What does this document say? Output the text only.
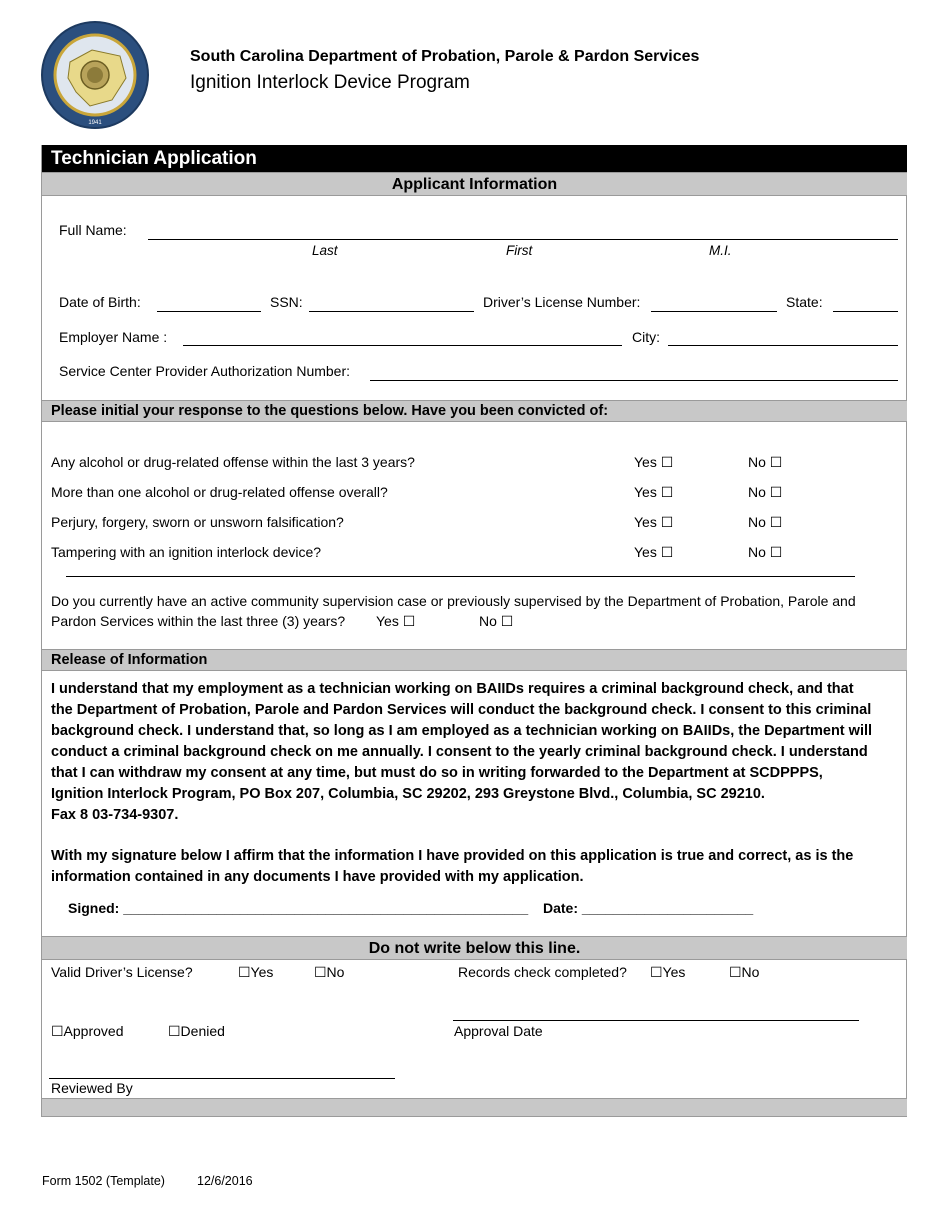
1941
South Carolina Department of Probation, Parole & Pardon Services
Ignition Interlock Device Program
Technician Application
Applicant Information
Full Name:
Last	First	M.I.
Date of Birth:	SSN:	Driver’s License Number:	State:
Employer Name :	City:
Service Center Provider Authorization Number:
Please initial your response to the questions below. Have you been convicted of:
Any alcohol or drug-related offense within the last 3 years?	Yes ☐	No ☐
More than one alcohol or drug-related offense overall?	Yes ☐	No ☐
Perjury, forgery, sworn or unsworn falsification?	Yes ☐	No ☐
Tampering with an ignition interlock device?	Yes ☐	No ☐
Do you currently have an active community supervision case or previously supervised by the Department of Probation, Parole and
Pardon Services within the last three (3) years? Yes ☐	No ☐
Release of Information
I understand that my employment as a technician working on BAIIDs requires a criminal background check, and that
the Department of Probation, Parole and Pardon Services will conduct the background check. I consent to this criminal
background check. I understand that, so long as I am employed as a technician working on BAIIDs, the Department will
conduct a criminal background check on me annually. I consent to the yearly criminal background check. I understand
that I can withdraw my consent at any time, but must do so in writing forwarded to the Department at SCDPPPS,
Ignition Interlock Program, PO Box 207, Columbia, SC 29202, 293 Greystone Blvd., Columbia, SC 29210.
Fax 8 03-734-9307.
With my signature below I affirm that the information I have provided on this application is true and correct, as is the
information contained in any documents I have provided with my application.
Signed: ____________________________________________________ Date: ______________________
Do not write below this line.
Valid Driver’s License?	☐Yes	☐No	Records check completed? ☐Yes	☐No
☐Approved	☐Denied	Approval Date
Reviewed By
Form 1502 (Template)	12/6/2016
